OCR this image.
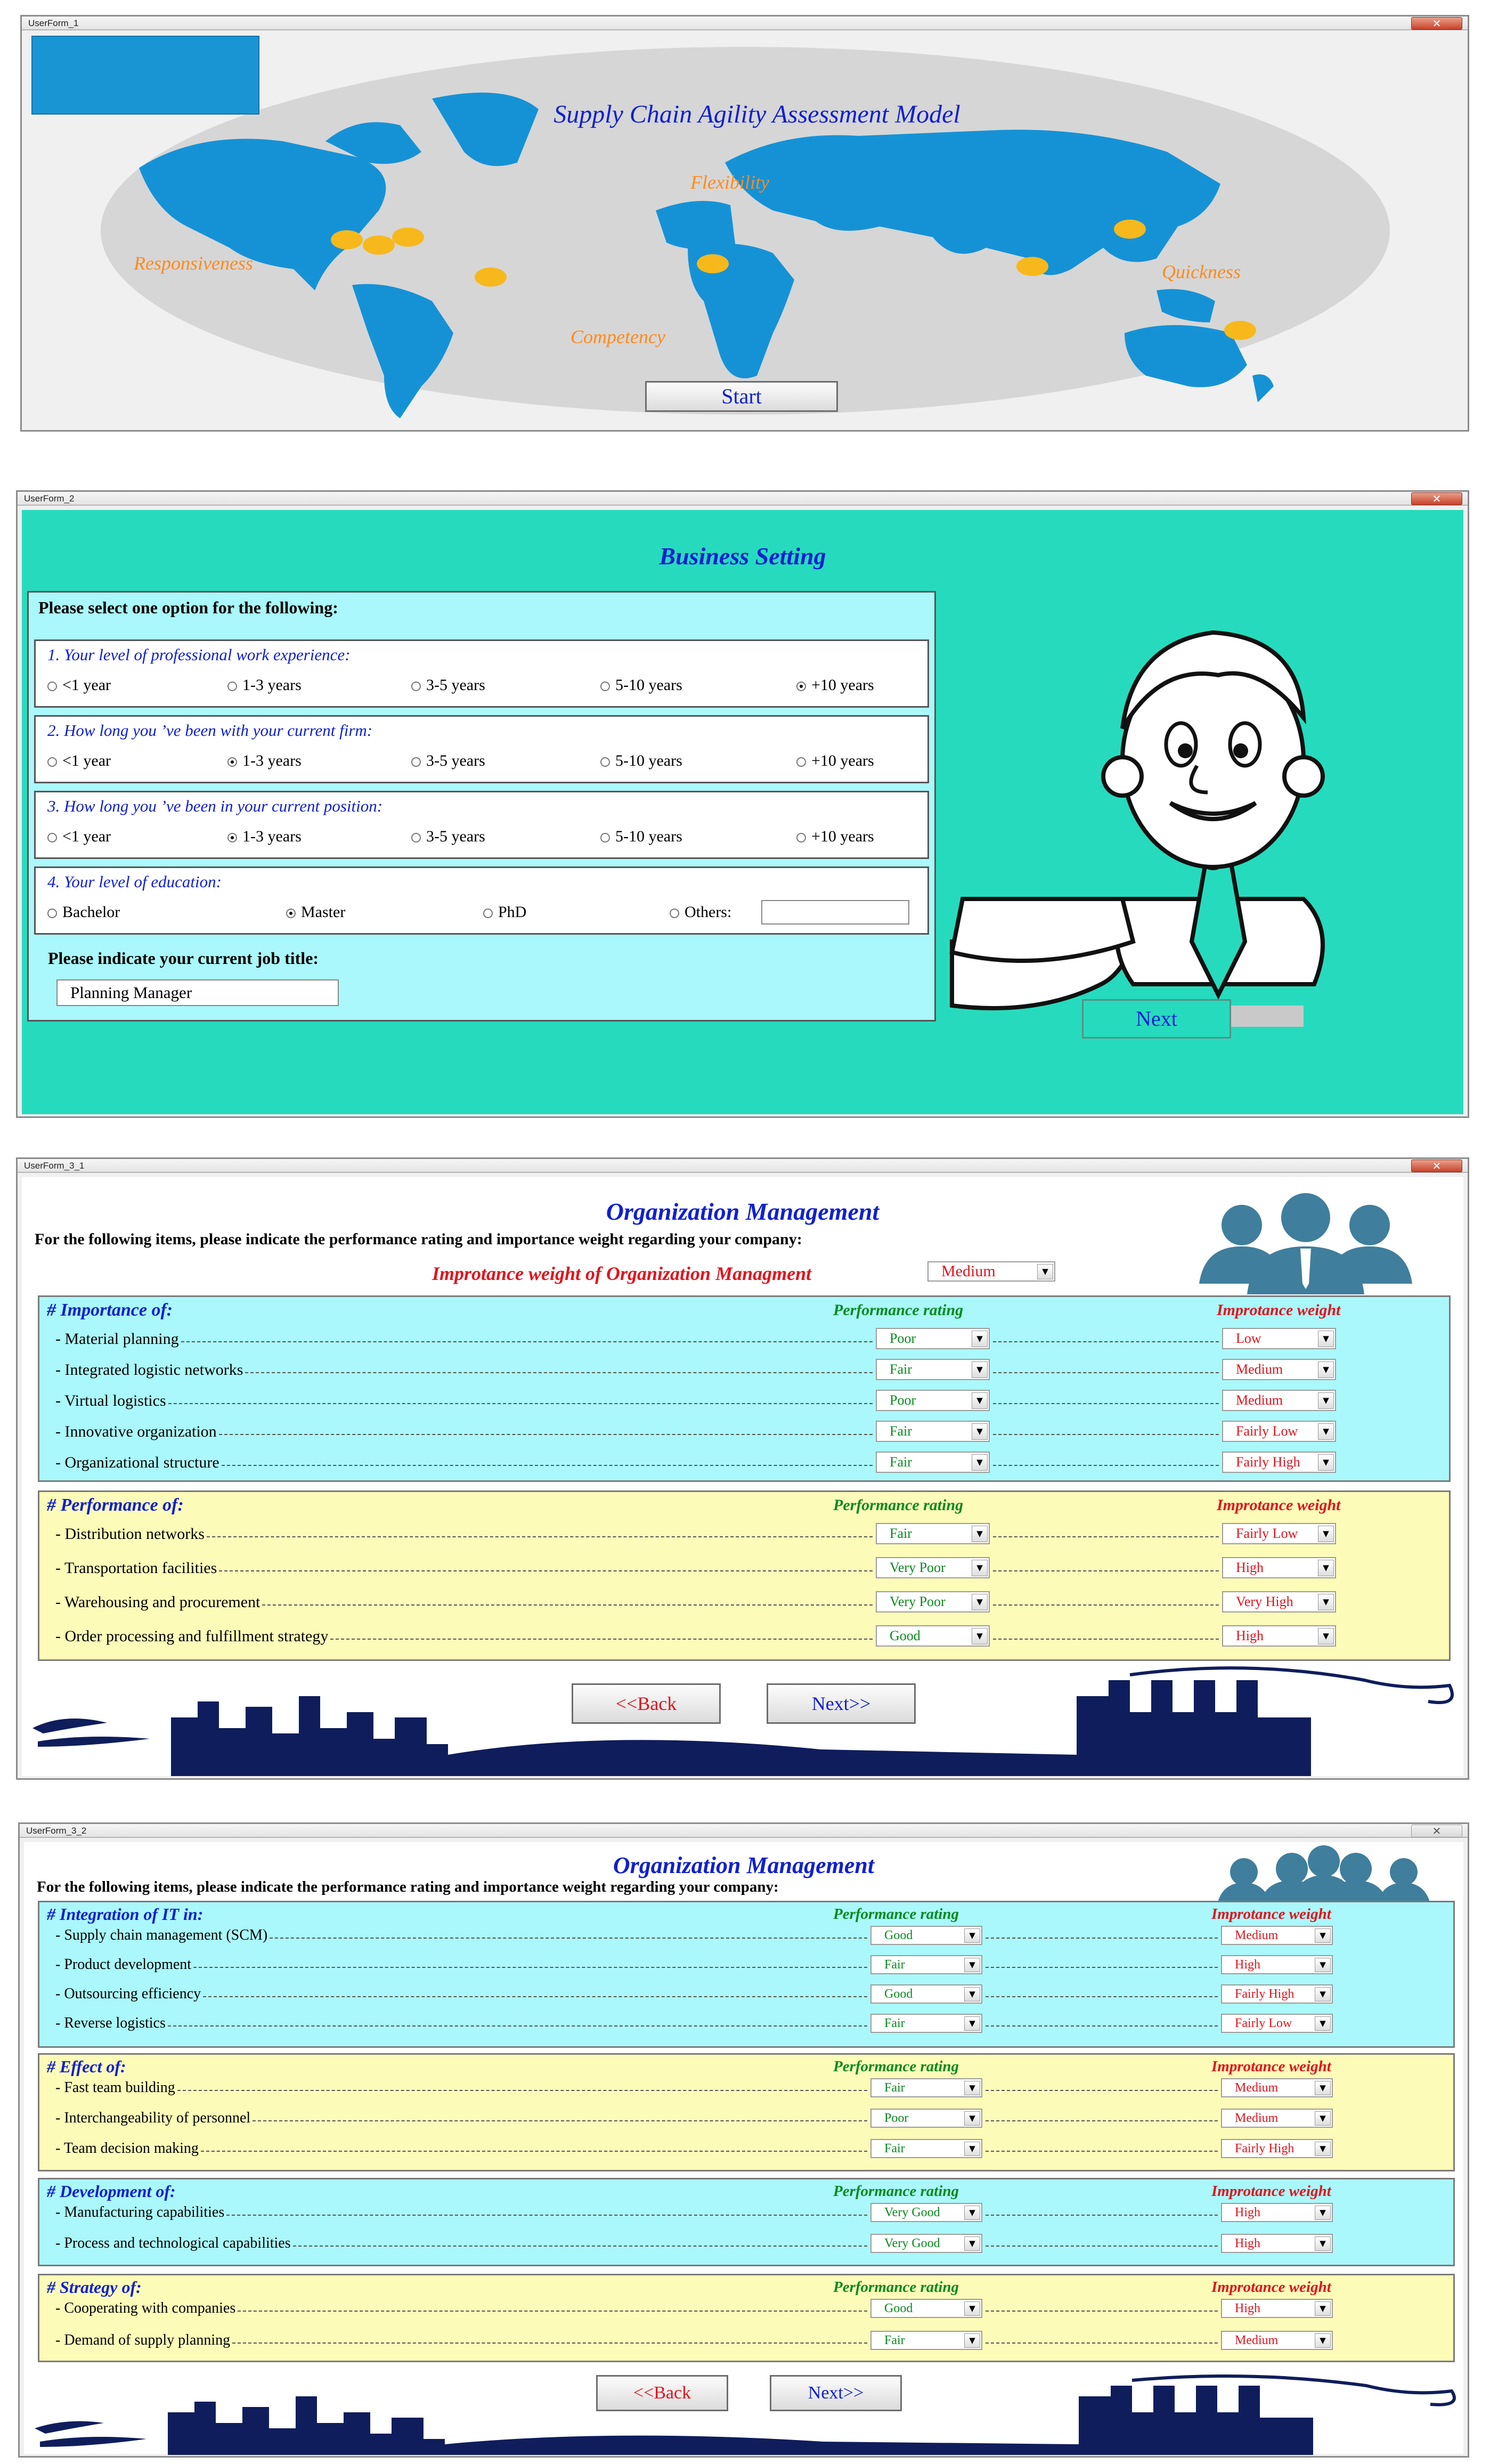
UserForm_1	✕
Supply Chain Agility Assessment Model
Flexibility
Responsiveness	Quickness
Competency
Start
UserForm_2	✕
Business Setting
Please select one option for the following:
1. Your level of professional work experience:
<1 year	1-3 years	3-5 years	5-10 years	+10 years
2. How long you ’ve been with your current firm:
<1 year	1-3 years	3-5 years	5-10 years	+10 years
3. How long you ’ve been in your current position:
<1 year	1-3 years	3-5 years	5-10 years	+10 years
4. Your level of education:
Bachelor	Master	PhD	Others:
Please indicate your current job title:
Planning Manager
Next
UserForm_3_1	✕
Organization Management
For the following items, please indicate the performance rating and importance weight regarding your company:
Improtance weight of Organization Managment	Medium	▼
# Importance of:	Performance rating	Improtance weight
- Material planning	Poor	▼	Low	▼
- Integrated logistic networks	Fair	▼	Medium	▼
- Virtual logistics	Poor	▼	Medium	▼
- Innovative organization	Fair	▼	Fairly Low	▼
- Organizational structure	Fair	▼	Fairly High	▼
# Performance of:	Performance rating	Improtance weight
- Distribution networks	Fair	▼	Fairly Low	▼
- Transportation facilities	Very Poor	▼	High	▼
- Warehousing and procurement	Very Poor	▼	Very High	▼
- Order processing and fulfillment strategy	Good	▼	High	▼
<<Back	Next>>
UserForm_3_2	✕
Organization Management
For the following items, please indicate the performance rating and importance weight regarding your company:
# Integration of IT in:	Performance rating	Improtance weight
- Supply chain management (SCM)	Good	▼	Medium	▼
- Product development	Fair	▼	High	▼
- Outsourcing efficiency	Good	▼	Fairly High	▼
- Reverse logistics	Fair	▼	Fairly Low	▼
# Effect of:	Performance rating	Improtance weight
- Fast team building	Fair	▼	Medium	▼
- Interchangeability of personnel	Poor	▼	Medium	▼
- Team decision making	Fair	▼	Fairly High	▼
# Development of:	Performance rating	Improtance weight
- Manufacturing capabilities	Very Good	▼	High	▼
- Process and technological capabilities	Very Good	▼	High	▼
# Strategy of:	Performance rating	Improtance weight
- Cooperating with companies	Good	▼	High	▼
- Demand of supply planning	Fair	▼	Medium	▼
<<Back	Next>>
